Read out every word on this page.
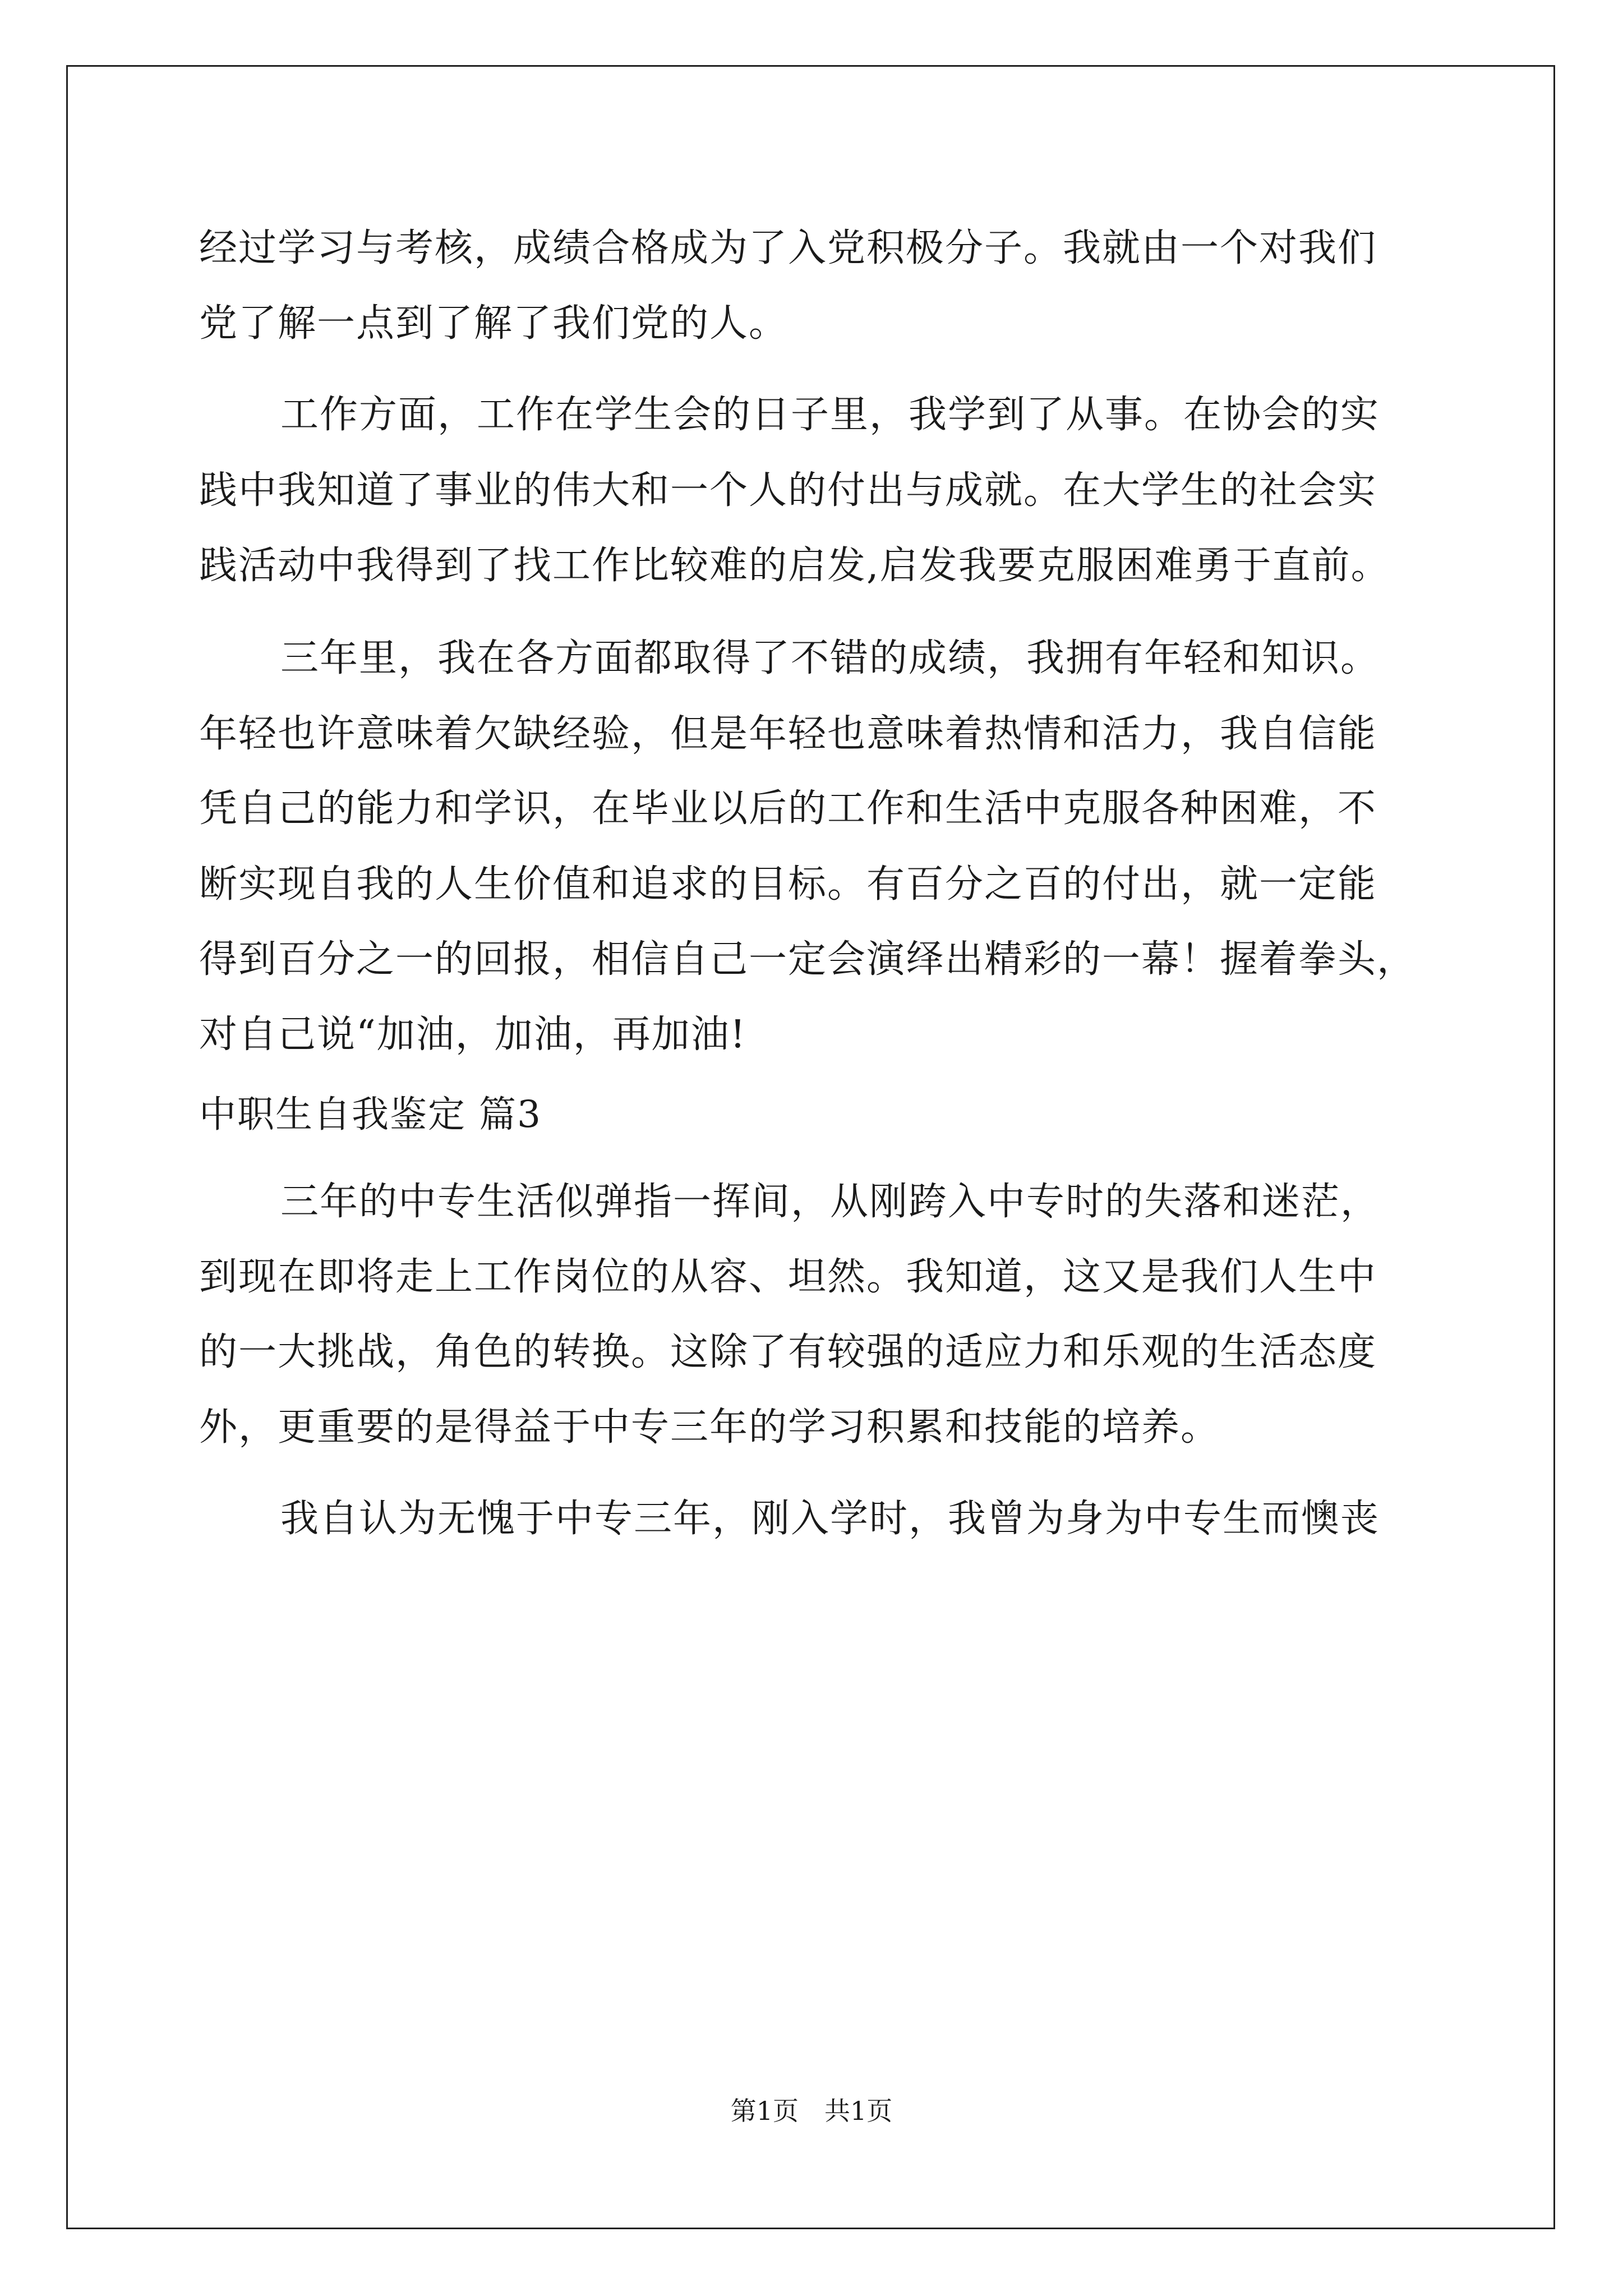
经过学习与考核，成绩合格成为了入党积极分子。我就由一个对我们
党了解一点到了解了我们党的人。
工作方面，工作在学生会的日子里，我学到了从事。在协会的实
践中我知道了事业的伟大和一个人的付出与成就。在大学生的社会实
践活动中我得到了找工作比较难的启发,启发我要克服困难勇于直前。
三年里，我在各方面都取得了不错的成绩，我拥有年轻和知识。
年轻也许意味着欠缺经验，但是年轻也意味着热情和活力，我自信能
凭自己的能力和学识，在毕业以后的工作和生活中克服各种困难，不
断实现自我的人生价值和追求的目标。有百分之百的付出，就一定能
得到百分之一的回报，相信自己一定会演绎出精彩的一幕！握着拳头，
对自己说“加油，加油，再加油!
中职生自我鉴定 篇3
三年的中专生活似弹指一挥间，从刚跨入中专时的失落和迷茫，
到现在即将走上工作岗位的从容、坦然。我知道，这又是我们人生中
的一大挑战，角色的转换。这除了有较强的适应力和乐观的生活态度
外，更重要的是得益于中专三年的学习积累和技能的培养。
我自认为无愧于中专三年，刚入学时，我曾为身为中专生而懊丧
第1页　共1页
